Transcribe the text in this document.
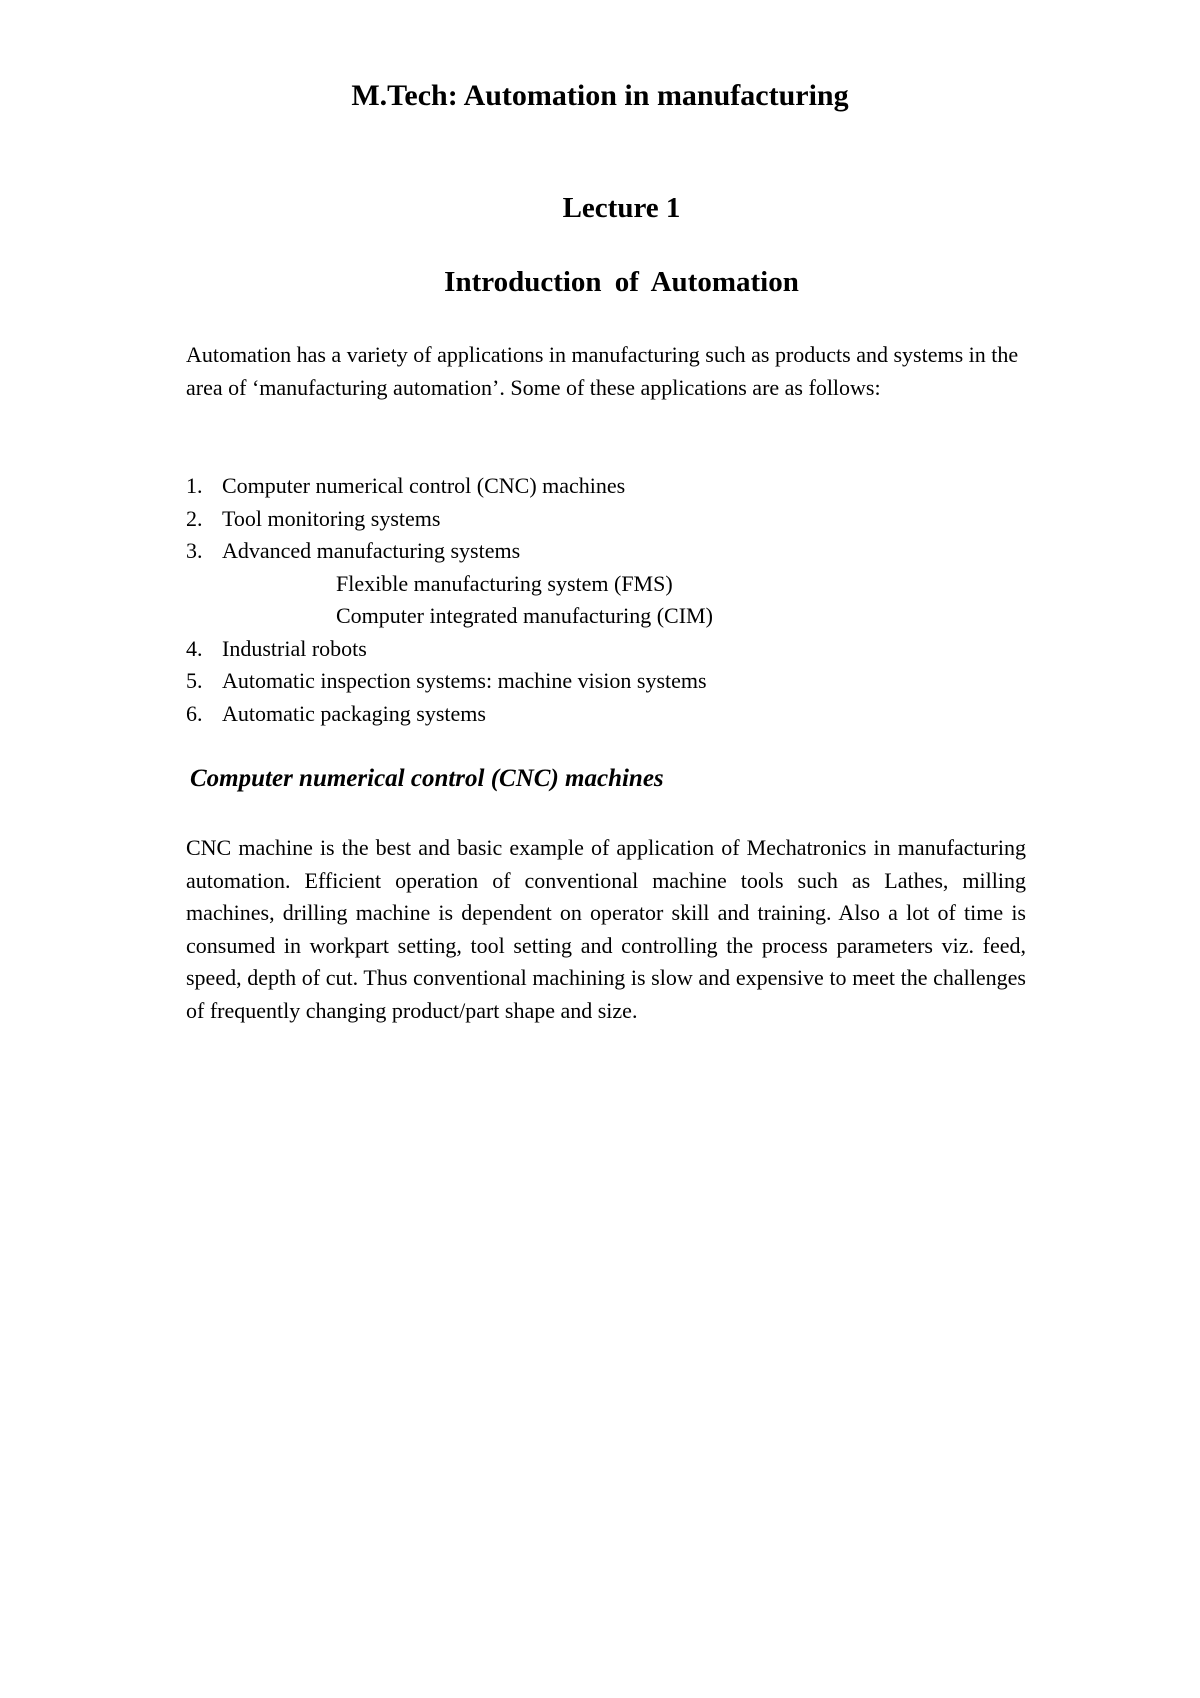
M.Tech: Automation in manufacturing
Lecture 1
Introduction of Automation

Automation has a variety of applications in manufacturing such as products and systems in the area of ‘manufacturing automation’. Some of these applications are as follows:

1. Computer numerical control (CNC) machines
2. Tool monitoring systems
3. Advanced manufacturing systems
Flexible manufacturing system (FMS)
Computer integrated manufacturing (CIM)
4. Industrial robots
5. Automatic inspection systems: machine vision systems
6. Automatic packaging systems
Computer numerical control (CNC) machines

CNC machine is the best and basic example of application of Mechatronics in manufacturing automation. Efficient operation of conventional machine tools such as Lathes, milling machines, drilling machine is dependent on operator skill and training. Also a lot of time is consumed in workpart setting, tool setting and controlling the process parameters viz. feed, speed, depth of cut. Thus conventional machining is slow and expensive to meet the challenges of frequently changing product/part shape and size.
